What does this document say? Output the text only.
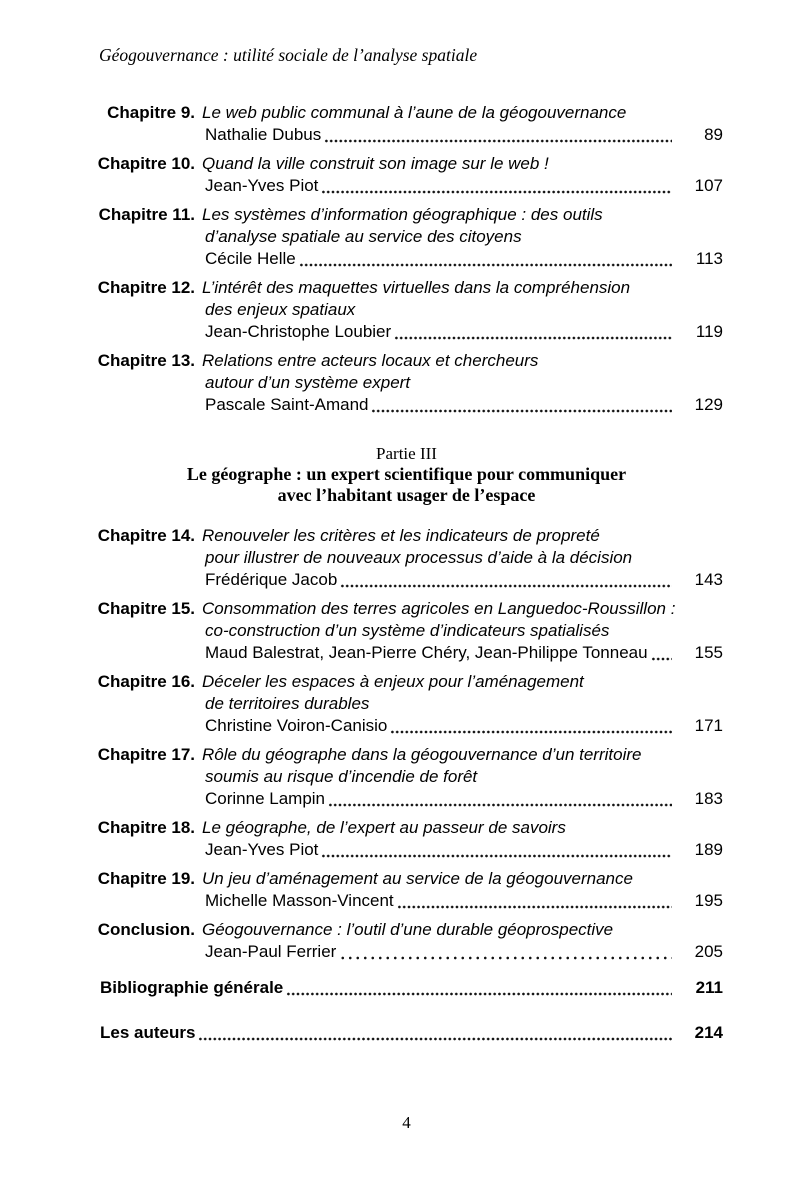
Géogouvernance : utilité sociale de l’analyse spatiale
Chapitre 9. Le web public communal à l’aune de la géogouvernance
Nathalie Dubus	89
Chapitre 10. Quand la ville construit son image sur le web !
Jean-Yves Piot	107
Chapitre 11. Les systèmes d’information géographique : des outils
d’analyse spatiale au service des citoyens
Cécile Helle	113
Chapitre 12. L’intérêt des maquettes virtuelles dans la compréhension
des enjeux spatiaux
Jean-Christophe Loubier	119
Chapitre 13. Relations entre acteurs locaux et chercheurs
autour d’un système expert
Pascale Saint-Amand	129
Partie III
Le géographe : un expert scientifique pour communiquer
avec l’habitant usager de l’espace
Chapitre 14. Renouveler les critères et les indicateurs de propreté
pour illustrer de nouveaux processus d’aide à la décision
Frédérique Jacob	143
Chapitre 15. Consommation des terres agricoles en Languedoc-Roussillon :
co-construction d’un système d’indicateurs spatialisés
Maud Balestrat, Jean-Pierre Chéry, Jean-Philippe Tonneau	155
Chapitre 16. Déceler les espaces à enjeux pour l’aménagement
de territoires durables
Christine Voiron-Canisio	171
Chapitre 17. Rôle du géographe dans la géogouvernance d’un territoire
soumis au risque d’incendie de forêt
Corinne Lampin	183
Chapitre 18. Le géographe, de l’expert au passeur de savoirs
Jean-Yves Piot	189
Chapitre 19. Un jeu d’aménagement au service de la géogouvernance
Michelle Masson-Vincent	195
Conclusion. Géogouvernance : l’outil d’une durable géoprospective
Jean-Paul Ferrier	205
Bibliographie générale	211
Les auteurs	214
4
